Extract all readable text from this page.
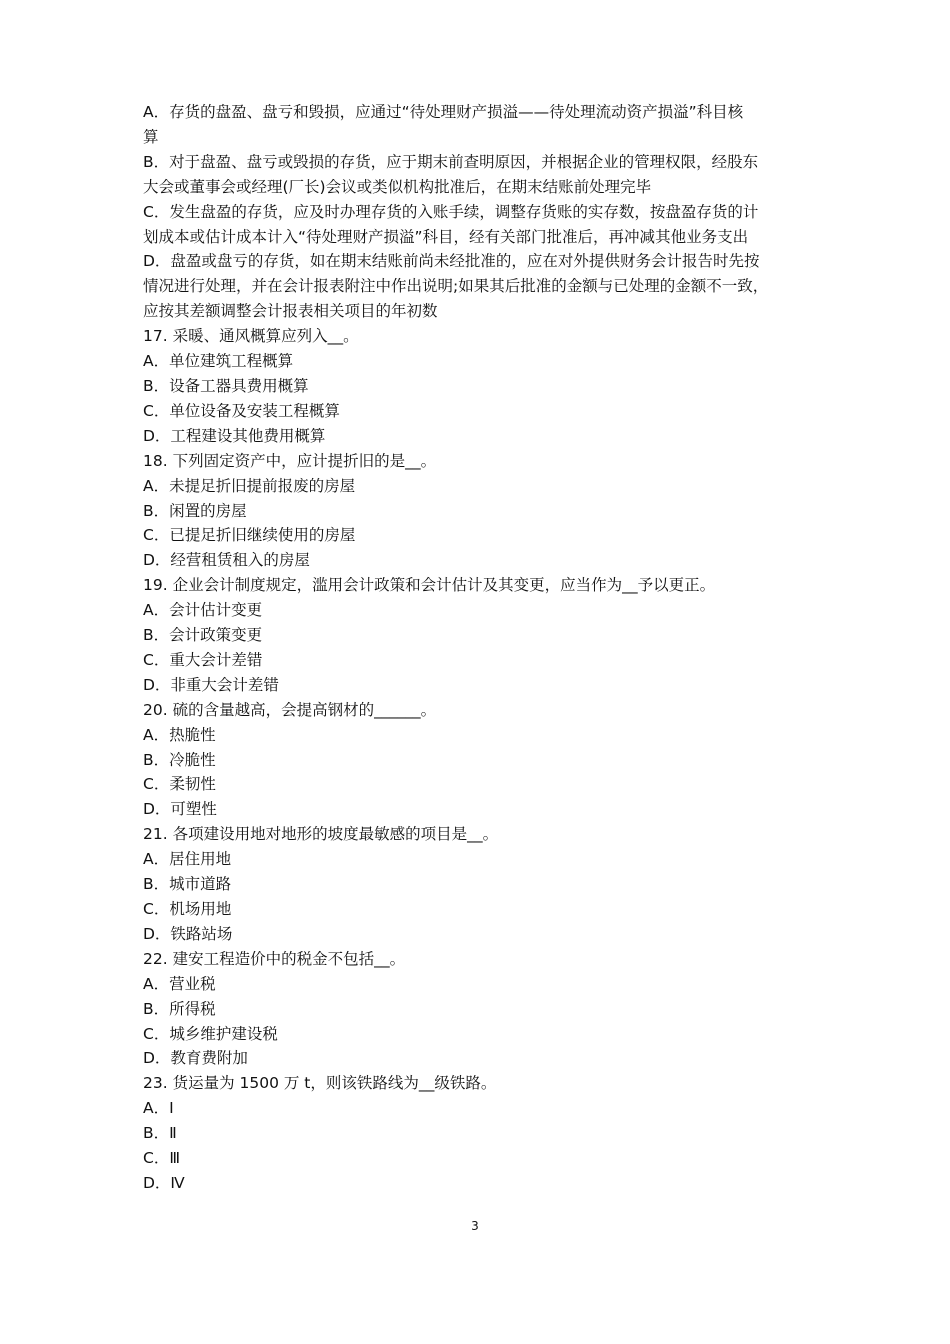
A．存货的盘盈、盘亏和毁损，应通过“待处理财产损溢——待处理流动资产损溢”科目核
算
B．对于盘盈、盘亏或毁损的存货，应于期末前查明原因，并根据企业的管理权限，经股东
大会或董事会或经理(厂长)会议或类似机构批准后，在期末结账前处理完毕
C．发生盘盈的存货，应及时办理存货的入账手续，调整存货账的实存数，按盘盈存货的计
划成本或估计成本计入“待处理财产损溢”科目，经有关部门批准后，再冲减其他业务支出
D．盘盈或盘亏的存货，如在期末结账前尚未经批准的，应在对外提供财务会计报告时先按
情况进行处理，并在会计报表附注中作出说明;如果其后批准的金额与已处理的金额不一致，
应按其差额调整会计报表相关项目的年初数
17. 采暖、通风概算应列入__。
A．单位建筑工程概算
B．设备工器具费用概算
C．单位设备及安装工程概算
D．工程建设其他费用概算
18. 下列固定资产中，应计提折旧的是__。
A．未提足折旧提前报废的房屋
B．闲置的房屋
C．已提足折旧继续使用的房屋
D．经营租赁租入的房屋
19. 企业会计制度规定，滥用会计政策和会计估计及其变更，应当作为__予以更正。
A．会计估计变更
B．会计政策变更
C．重大会计差错
D．非重大会计差错
20. 硫的含量越高，会提高钢材的______。
A．热脆性
B．冷脆性
C．柔韧性
D．可塑性
21. 各项建设用地对地形的坡度最敏感的项目是__。
A．居住用地
B．城市道路
C．机场用地
D．铁路站场
22. 建安工程造价中的税金不包括__。
A．营业税
B．所得税
C．城乡维护建设税
D．教育费附加
23. 货运量为 1500 万 t，则该铁路线为__级铁路。
A．Ⅰ
B．Ⅱ
C．Ⅲ
D．Ⅳ
3
